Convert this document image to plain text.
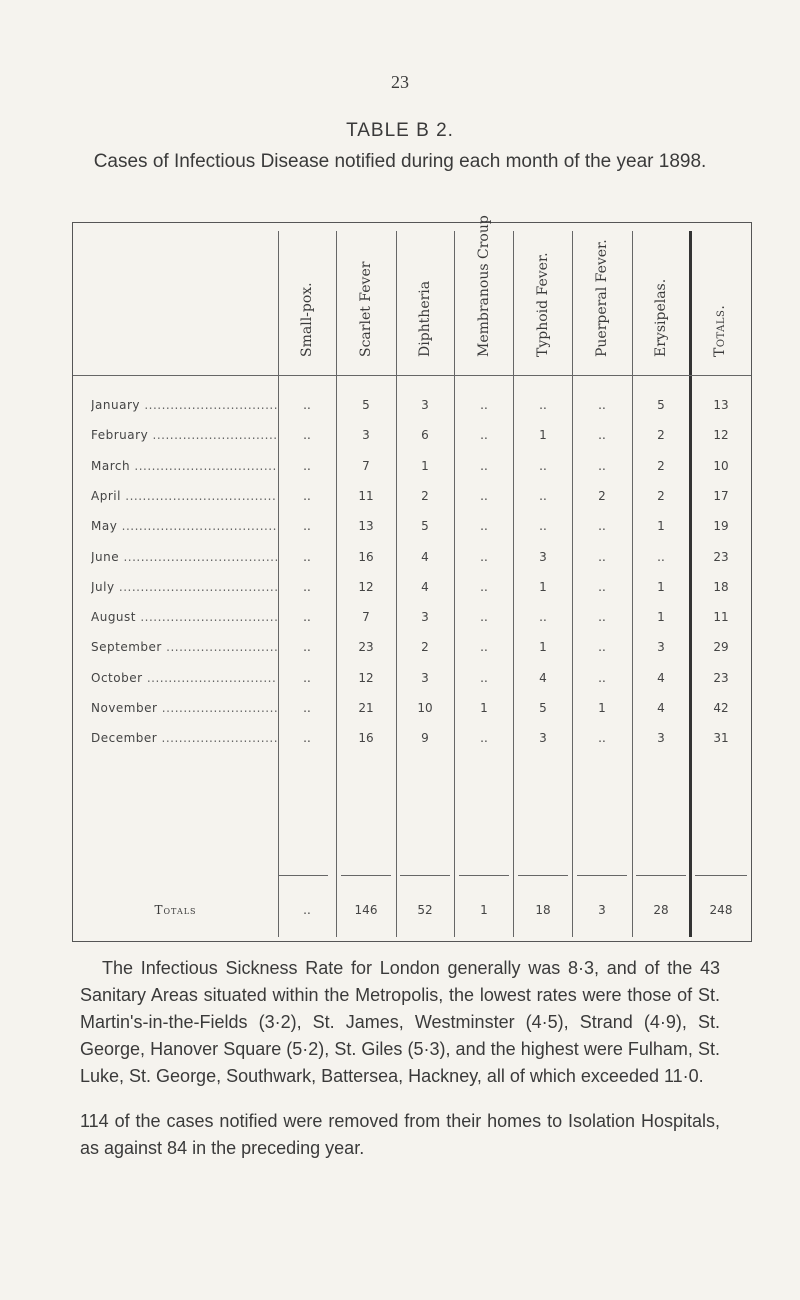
23
TABLE B 2.
Cases of Infectious Disease notified during each month of the year 1898.
Small-pox.	Scarlet Fever	Diphtheria	Membranous Croup	Typhoid Fever.	Puerperal Fever.	Erysipelas.	Totals.
January .....	..	5	3	..	..	..	5	13
February .....	..	3	6	..	1	..	2	12
March .....	..	7	1	..	..	..	2	10
April .....	..	11	2	..	..	2	2	17
May .....	..	13	5	..	..	..	1	19
June .....	..	16	4	..	3	..	..	23
July .....	..	12	4	..	1	..	1	18
August .....	..	7	3	..	..	..	1	11
September .....	..	23	2	..	1	..	3	29
October .....	..	12	3	..	4	..	4	23
November .....	..	21	10	1	5	1	4	42
December .....	..	16	9	..	3	..	3	31
Totals	..	146	52	1	18	3	28	248
The Infectious Sickness Rate for London generally was 8·3, and of the 43 Sanitary Areas situated within the Metropolis, the lowest rates were those of St. Martin's-in-the-Fields (3·2), St. James, Westminster (4·5), Strand (4·9), St. George, Hanover Square (5·2), St. Giles (5·3), and the highest were Fulham, St. Luke, St. George, Southwark, Battersea, Hackney, all of which exceeded 11·0.
114 of the cases notified were removed from their homes to Isolation Hospitals, as against 84 in the preceding year.
